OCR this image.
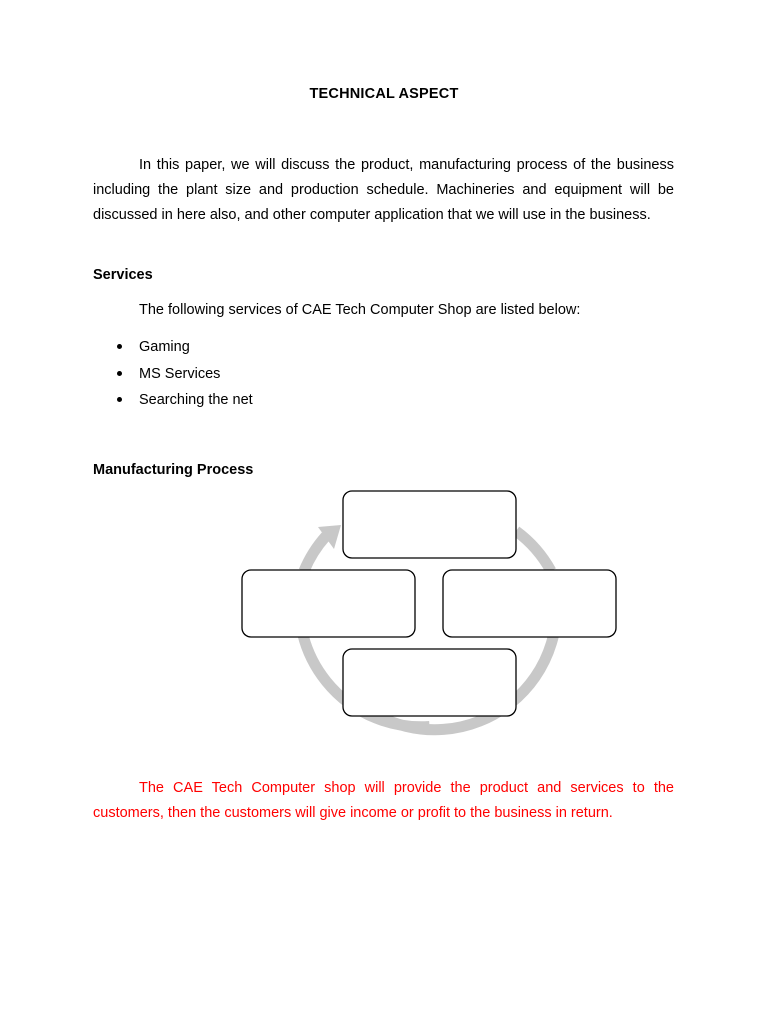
TECHNICAL ASPECT

In this paper, we will discuss the product, manufacturing process of the business including the plant size and production schedule. Machineries and equipment will be discussed in here also, and other computer application that we will use in the business.

Services
The following services of CAE Tech Computer Shop are listed below:
Gaming
MS Services
Searching the net
Manufacturing Process

The CAE Tech Computer shop will provide the product and services to the customers, then the customers will give income or profit to the business in return.
